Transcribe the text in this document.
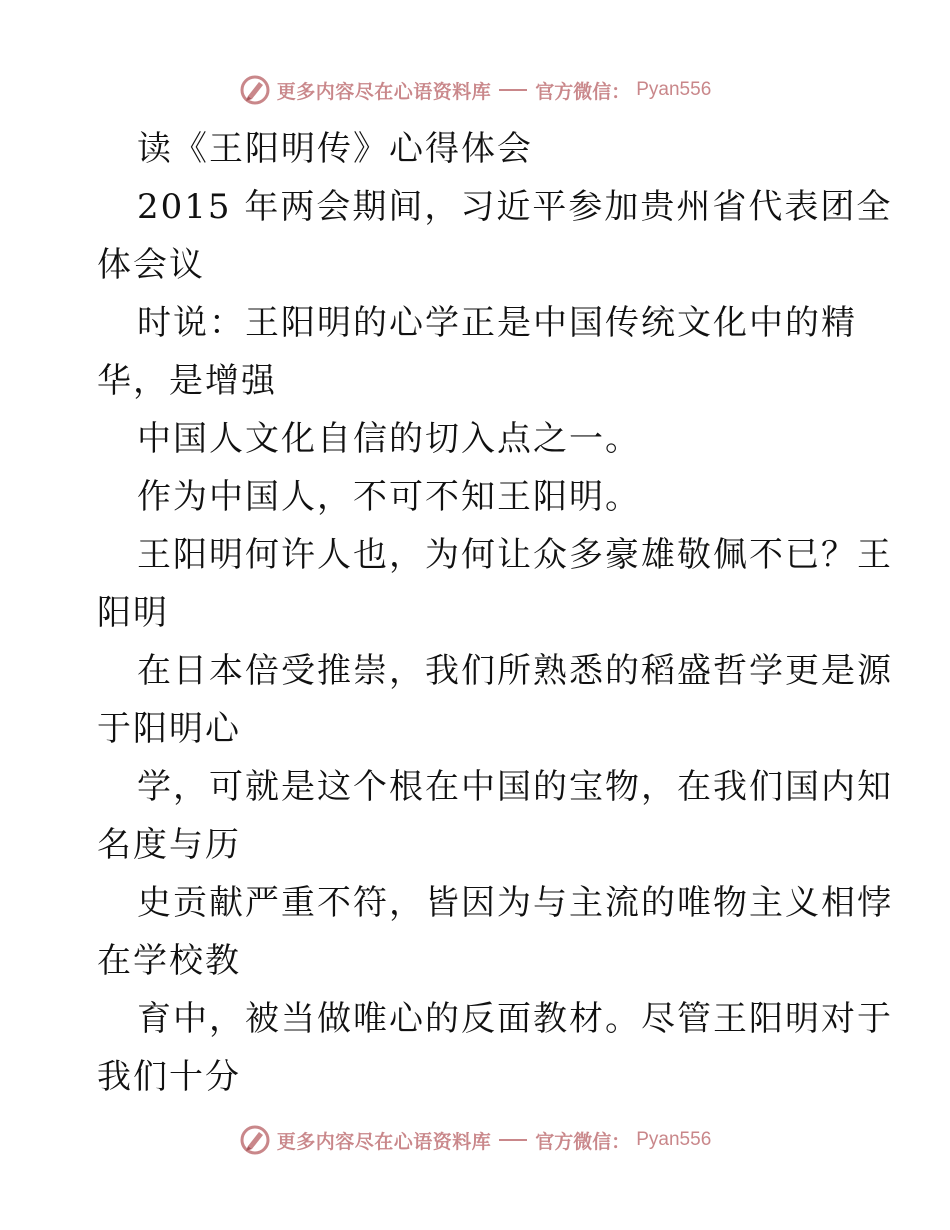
更多内容尽在心语资料库 官方微信： Pyan556
读《王阳明传》心得体会
2015 年两会期间，习近平参加贵州省代表团全
体会议
时说：王阳明的心学正是中国传统文化中的精
华，是增强
中国人文化自信的切入点之一。
作为中国人，不可不知王阳明。
王阳明何许人也，为何让众多豪雄敬佩不已？王
阳明
在日本倍受推崇，我们所熟悉的稻盛哲学更是源
于阳明心
学，可就是这个根在中国的宝物，在我们国内知
名度与历
史贡献严重不符，皆因为与主流的唯物主义相悖
在学校教
育中，被当做唯心的反面教材。尽管王阳明对于
我们十分
更多内容尽在心语资料库 官方微信： Pyan556
